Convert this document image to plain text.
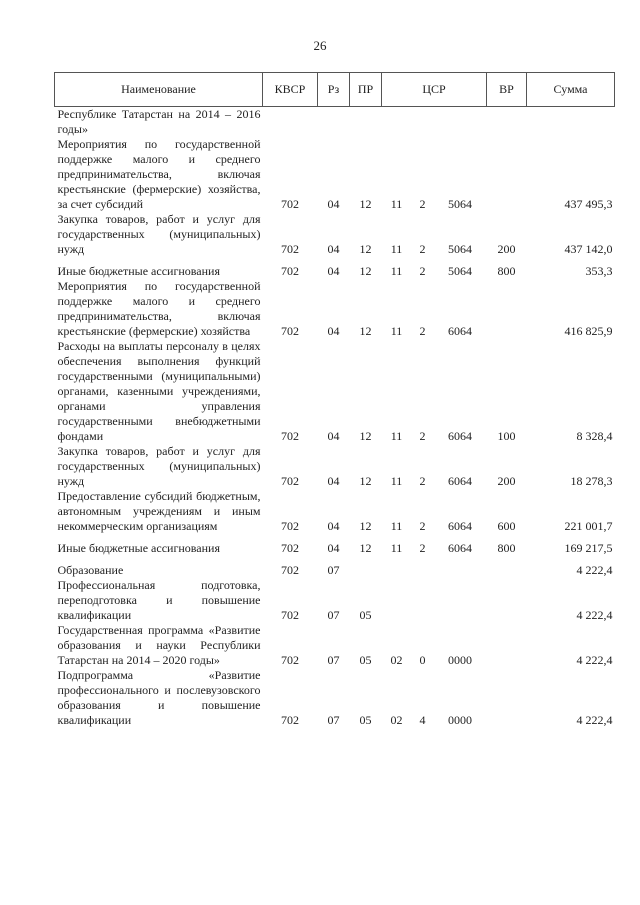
26
Наименование	КВСР	Рз	ПР	ЦСР			ВР	Сумма
Республике Татарстан на 2014 – 2016 годы»								
Мероприятия по государственной поддержке малого и среднего предпринимательства, включая крестьянские (фермерские) хозяйства, за счет субсидий	702	04	12	11	2	5064		437 495,3
Закупка товаров, работ и услуг для государственных (муниципальных) нужд	702	04	12	11	2	5064	200	437 142,0
Иные бюджетные ассигнования	702	04	12	11	2	5064	800	353,3
Мероприятия по государственной поддержке малого и среднего предпринимательства, включая крестьянские (фермерские) хозяйства	702	04	12	11	2	6064		416 825,9
Расходы на выплаты персоналу в целях обеспечения выполнения функций государственными (муниципальными) органами, казенными учреждениями, органами управления государственными внебюджетными фондами	702	04	12	11	2	6064	100	8 328,4
Закупка товаров, работ и услуг для государственных (муниципальных) нужд	702	04	12	11	2	6064	200	18 278,3
Предоставление субсидий бюджетным, автономным учреждениям и иным некоммерческим организациям	702	04	12	11	2	6064	600	221 001,7
Иные бюджетные ассигнования	702	04	12	11	2	6064	800	169 217,5
Образование	702	07						4 222,4
Профессиональная подготовка, переподготовка и повышение квалификации	702	07	05					4 222,4
Государственная программа «Развитие образования и науки Республики Татарстан на 2014 – 2020 годы»	702	07	05	02	0	0000		4 222,4
Подпрограмма «Развитие профессионального и послевузовского образования и повышение квалификации	702	07	05	02	4	0000		4 222,4
